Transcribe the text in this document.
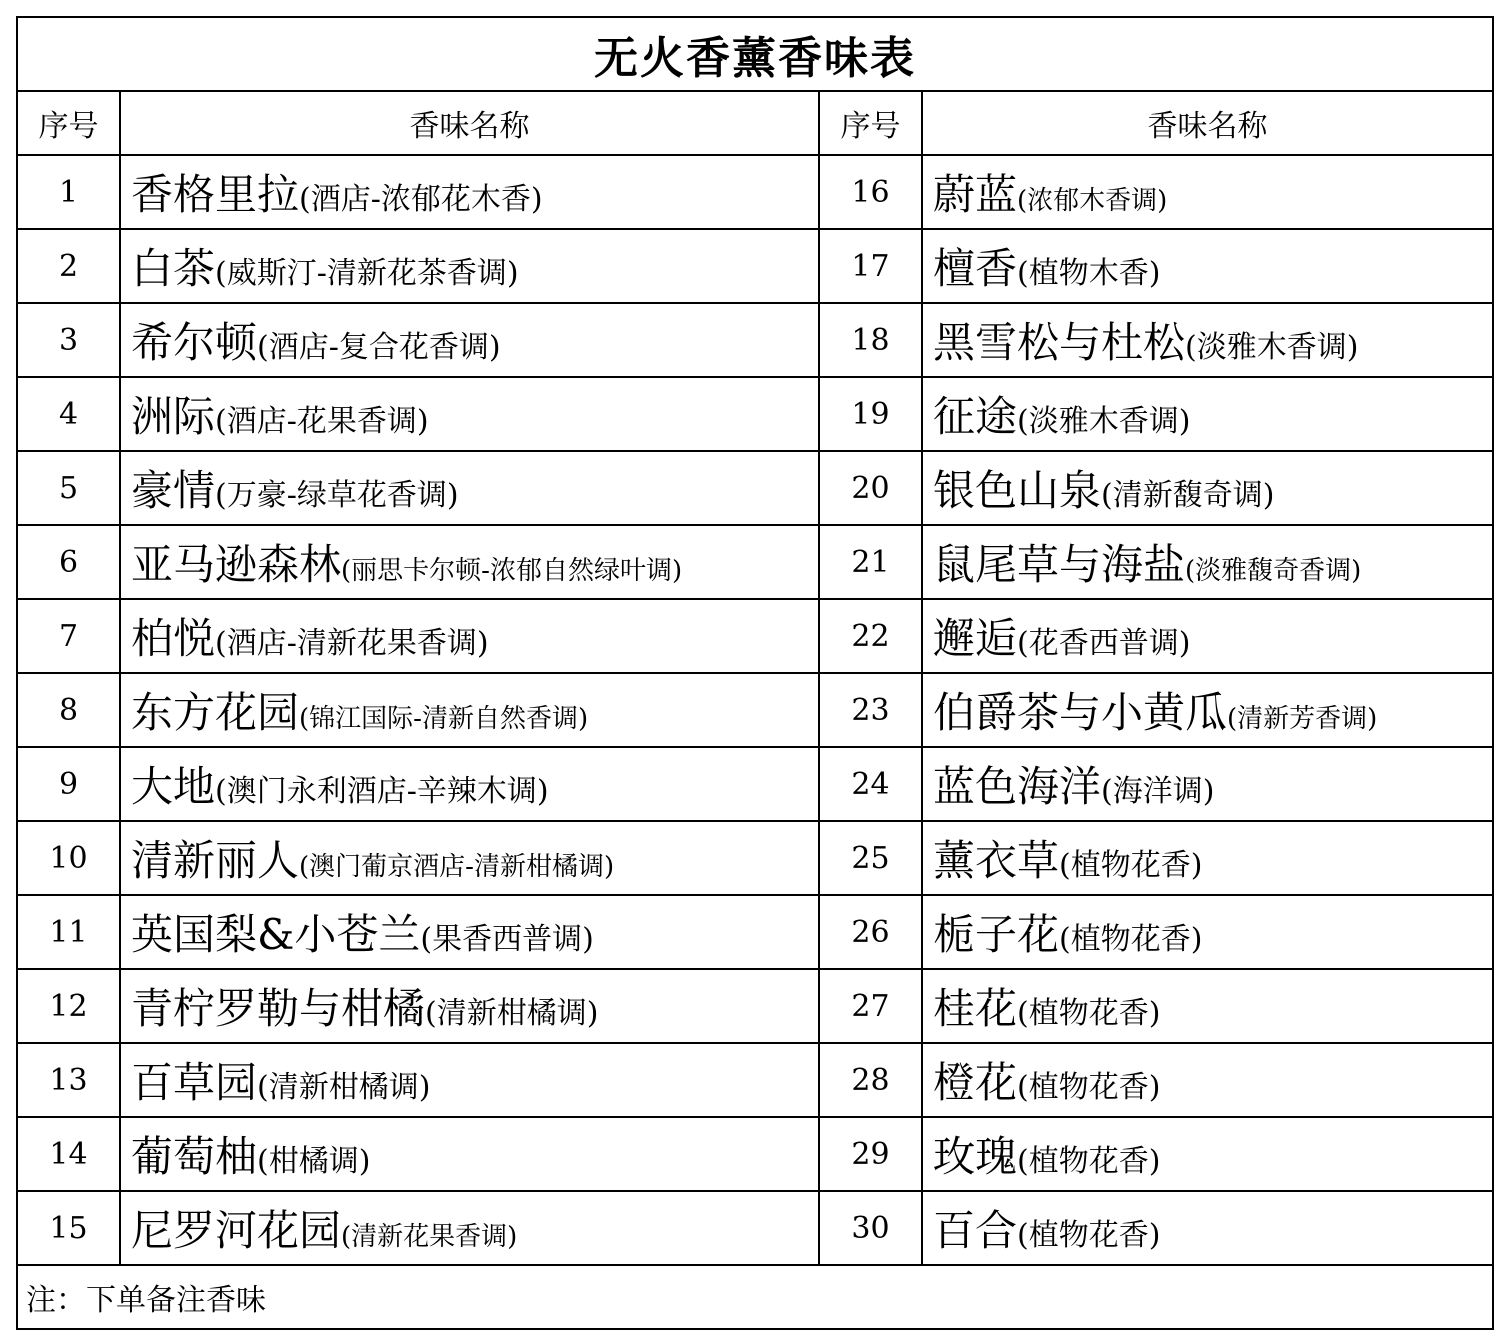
无火香薰香味表			
序号	香味名称	序号	香味名称
1	香格里拉(酒店-浓郁花木香)	16	蔚蓝(浓郁木香调)
2	白茶(威斯汀-清新花茶香调)	17	檀香(植物木香)
3	希尔顿(酒店-复合花香调)	18	黑雪松与杜松(淡雅木香调)
4	洲际(酒店-花果香调)	19	征途(淡雅木香调)
5	豪情(万豪-绿草花香调)	20	银色山泉(清新馥奇调)
6	亚马逊森林(丽思卡尔顿-浓郁自然绿叶调)	21	鼠尾草与海盐(淡雅馥奇香调)
7	柏悦(酒店-清新花果香调)	22	邂逅(花香西普调)
8	东方花园(锦江国际-清新自然香调)	23	伯爵茶与小黄瓜(清新芳香调)
9	大地(澳门永利酒店-辛辣木调)	24	蓝色海洋(海洋调)
10	清新丽人(澳门葡京酒店-清新柑橘调)	25	薰衣草(植物花香)
11	英国梨&小苍兰(果香西普调)	26	栀子花(植物花香)
12	青柠罗勒与柑橘(清新柑橘调)	27	桂花(植物花香)
13	百草园(清新柑橘调)	28	橙花(植物花香)
14	葡萄柚(柑橘调)	29	玫瑰(植物花香)
15	尼罗河花园(清新花果香调)	30	百合(植物花香)
注：下单备注香味			
